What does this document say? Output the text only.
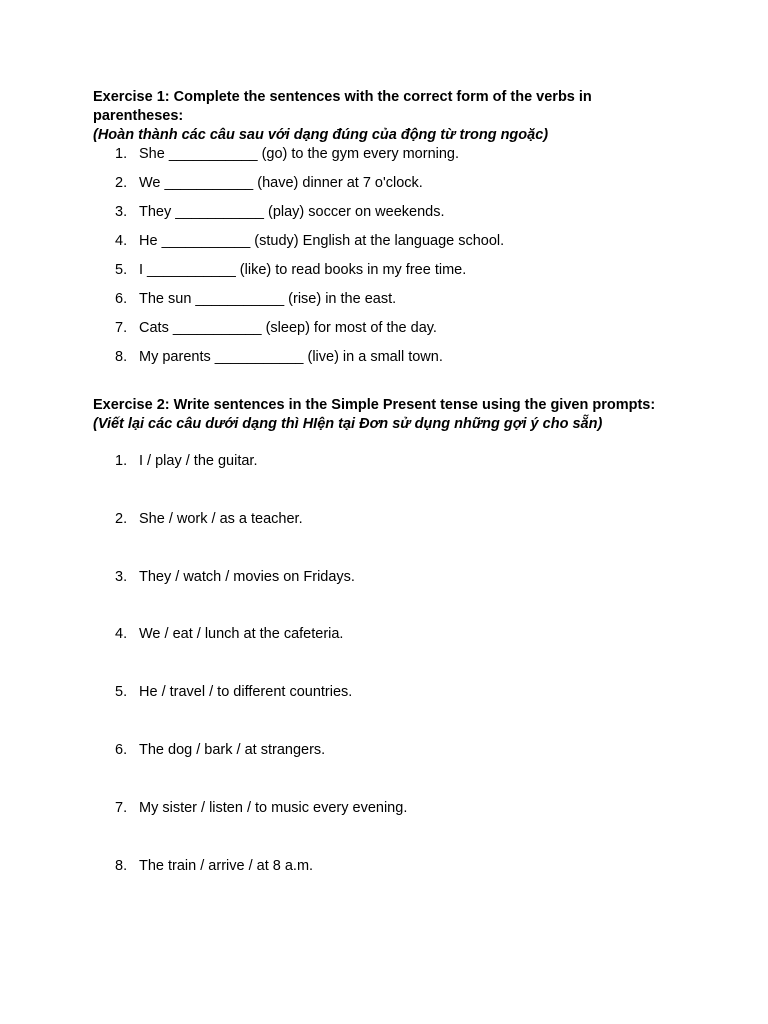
Exercise 1: Complete the sentences with the correct form of the verbs in parentheses:

(Hoàn thành các câu sau với dạng đúng của động từ trong ngoặc)

1. She ___________ (go) to the gym every morning.
2. We ___________ (have) dinner at 7 o'clock.
3. They ___________ (play) soccer on weekends.
4. He ___________ (study) English at the language school.
5. I ___________ (like) to read books in my free time.
6. The sun ___________ (rise) in the east.
7. Cats ___________ (sleep) for most of the day.
8. My parents ___________ (live) in a small town.

Exercise 2: Write sentences in the Simple Present tense using the given prompts:

(Viết lại các câu dưới dạng thì HIện tại Đơn sử dụng những gợi ý cho sẵn)

1. I / play / the guitar.
2. She / work / as a teacher.
3. They / watch / movies on Fridays.
4. We / eat / lunch at the cafeteria.
5. He / travel / to different countries.
6. The dog / bark / at strangers.
7. My sister / listen / to music every evening.
8. The train / arrive / at 8 a.m.
